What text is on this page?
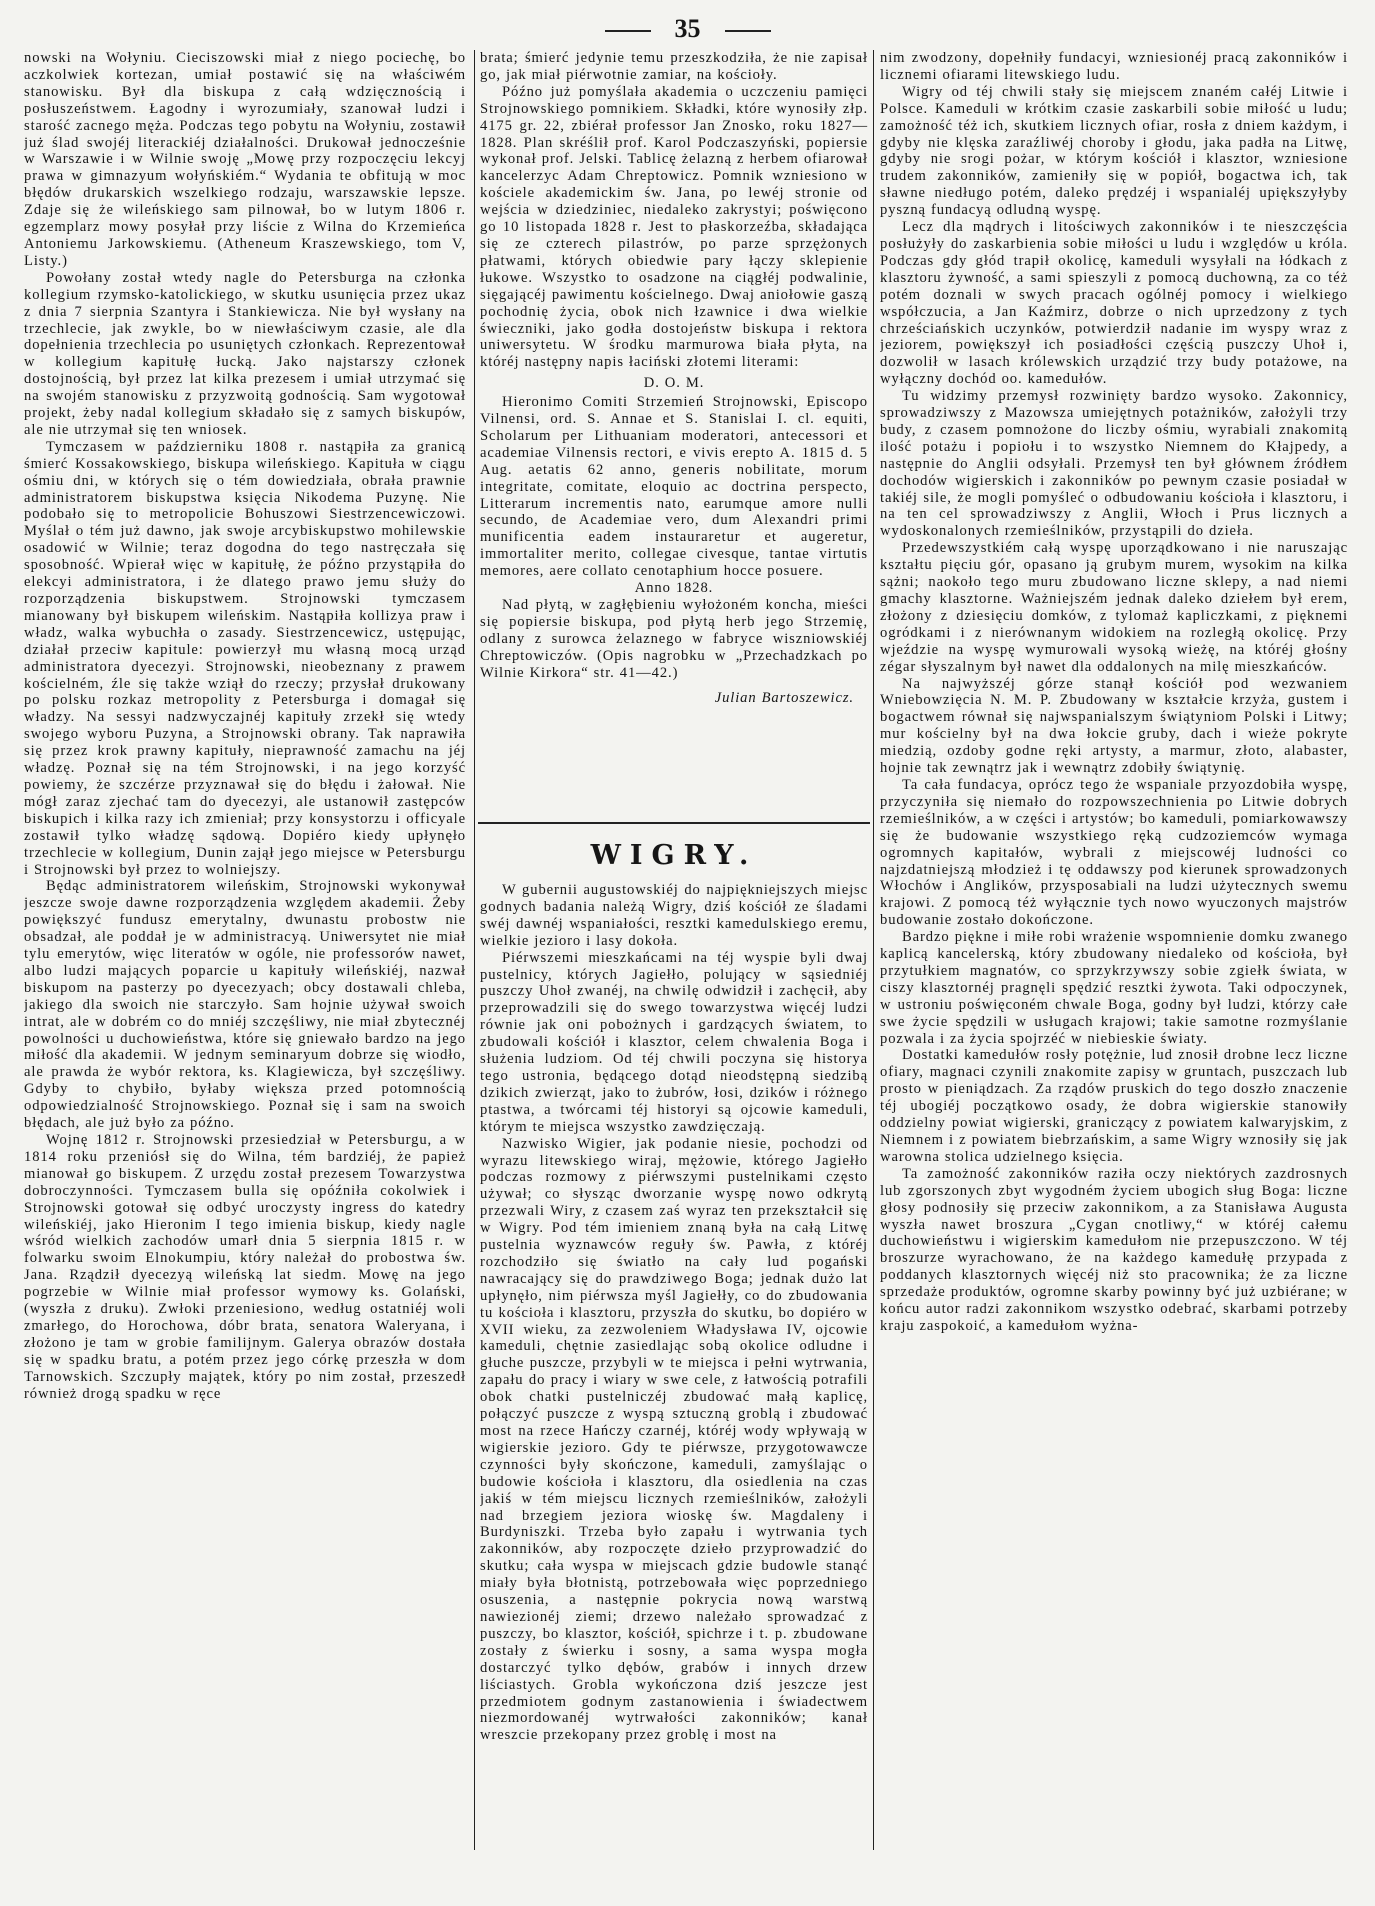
35

nowski na Wołyniu. Cieciszowski miał z niego pociechę, bo aczkolwiek kortezan, umiał postawić się na właściwém stanowisku. Był dla biskupa z całą wdzięcznością i posłuszeństwem. Łagodny i wyrozumiały, szanował ludzi i starość zacnego męża. Podczas tego pobytu na Wołyniu, zostawił już ślad swojéj literackiéj działalności. Drukował jednocześnie w Warszawie i w Wilnie swoję „Mowę przy rozpoczęciu lekcyj prawa w gimnazyum wołyńskiém.“ Wydania te obfitują w moc błędów drukarskich wszelkiego rodzaju, warszawskie lepsze. Zdaje się że wileńskiego sam pilnował, bo w lutym 1806 r. egzemplarz mowy posyłał przy liście z Wilna do Krzemieńca Antoniemu Jarkowskiemu. (Atheneum Kraszewskiego, tom V, Listy.)

Powołany został wtedy nagle do Petersburga na członka kollegium rzymsko-katolickiego, w skutku usunięcia przez ukaz z dnia 7 sierpnia Szantyra i Stankiewicza. Nie był wysłany na trzechlecie, jak zwykle, bo w niewłaściwym czasie, ale dla dopełnienia trzechlecia po usuniętych członkach. Reprezentował w kollegium kapitułę łucką. Jako najstarszy członek dostojnością, był przez lat kilka prezesem i umiał utrzymać się na swojém stanowisku z przyzwoitą godnością. Sam wygotował projekt, żeby nadal kollegium składało się z samych biskupów, ale nie utrzymał się ten wniosek.

Tymczasem w październiku 1808 r. nastąpiła za granicą śmierć Kossakowskiego, biskupa wileńskiego. Kapituła w ciągu ośmiu dni, w których się o tém dowiedziała, obrała prawnie administratorem biskupstwa księcia Nikodema Puzynę. Nie podobało się to metropolicie Bohuszowi Siestrzencewiczowi. Myślał o tém już dawno, jak swoje arcybiskupstwo mohilewskie osadowić w Wilnie; teraz dogodna do tego nastręczała się sposobność. Wpierał więc w kapitułę, że późno przystąpiła do elekcyi administratora, i że dlatego prawo jemu służy do rozporządzenia biskupstwem. Strojnowski tymczasem mianowany był biskupem wileńskim. Nastąpiła kollizya praw i władz, walka wybuchła o zasady. Siestrzencewicz, ustępując, działał przeciw kapitule: powierzył mu własną mocą urząd administratora dyecezyi. Strojnowski, nieobeznany z prawem kościelném, źle się także wziął do rzeczy; przysłał drukowany po polsku rozkaz metropolity z Petersburga i domagał się władzy. Na sessyi nadzwyczajnéj kapituły zrzekł się wtedy swojego wyboru Puzyna, a Strojnowski obrany. Tak naprawiła się przez krok prawny kapituły, nieprawność zamachu na jéj władzę. Poznał się na tém Strojnowski, i na jego korzyść powiemy, że szczérze przyznawał się do błędu i żałował. Nie mógł zaraz zjechać tam do dyecezyi, ale ustanowił zastępców biskupich i kilka razy ich zmieniał; przy konsystorzu i officyale zostawił tylko władzę sądową. Dopiéro kiedy upłynęło trzechlecie w kollegium, Dunin zajął jego miejsce w Petersburgu i Strojnowski był przez to wolniejszy.

Będąc administratorem wileńskim, Strojnowski wykonywał jeszcze swoje dawne rozporządzenia względem akademii. Żeby powiększyć fundusz emerytalny, dwunastu probostw nie obsadzał, ale poddał je w administracyą. Uniwersytet nie miał tylu emerytów, więc literatów w ogóle, nie professorów nawet, albo ludzi mających poparcie u kapituły wileńskiéj, nazwał biskupom na pasterzy po dyecezyach; obcy dostawali chleba, jakiego dla swoich nie starczyło. Sam hojnie używał swoich intrat, ale w dobrém co do mniéj szczęśliwy, nie miał zbytecznéj powolności u duchowieństwa, które się gniewało bardzo na jego miłość dla akademii. W jednym seminaryum dobrze się wiodło, ale prawda że wybór rektora, ks. Klagiewicza, był szczęśliwy. Gdyby to chybiło, byłaby większa przed potomnością odpowiedzialność Strojnowskiego. Poznał się i sam na swoich błędach, ale już było za późno.

Wojnę 1812 r. Strojnowski przesiedział w Petersburgu, a w 1814 roku przeniósł się do Wilna, tém bardziéj, że papież mianował go biskupem. Z urzędu został prezesem Towarzystwa dobroczynności. Tymczasem bulla się opóźniła cokolwiek i Strojnowski gotował się odbyć uroczysty ingress do katedry wileńskiéj, jako Hieronim I tego imienia biskup, kiedy nagle wśród wielkich zachodów umarł dnia 5 sierpnia 1815 r. w folwarku swoim Elnokumpiu, który należał do probostwa św. Jana. Rządził dyecezyą wileńską lat siedm. Mowę na jego pogrzebie w Wilnie miał professor wymowy ks. Golański, (wyszła z druku). Zwłoki przeniesiono, według ostatniéj woli zmarłego, do Horochowa, dóbr brata, senatora Waleryana, i złożono je tam w grobie familijnym. Galerya obrazów dostała się w spadku bratu, a potém przez jego córkę przeszła w dom Tarnowskich. Szczupły majątek, który po nim został, przeszedł również drogą spadku w ręce

brata; śmierć jedynie temu przeszkodziła, że nie zapisał go, jak miał piérwotnie zamiar, na kościoły.

Późno już pomyślała akademia o uczczeniu pamięci Strojnowskiego pomnikiem. Składki, które wynosiły złp. 4175 gr. 22, zbiérał professor Jan Znosko, roku 1827—1828. Plan skréślił prof. Karol Podczaszyński, popiersie wykonał prof. Jelski. Tablicę żelazną z herbem ofiarował kancelerzyc Adam Chreptowicz. Pomnik wzniesiono w kościele akademickim św. Jana, po lewéj stronie od wejścia w dziedziniec, niedaleko zakrystyi; poświęcono go 10 listopada 1828 r. Jest to płaskorzeźba, składająca się ze czterech pilastrów, po parze sprzężonych płatwami, których obiedwie pary łączy sklepienie łukowe. Wszystko to osadzone na ciągłéj podwalinie, sięgającéj pawimentu kościelnego. Dwaj aniołowie gaszą pochodnię życia, obok nich łzawnice i dwa wielkie świeczniki, jako godła dostojeństw biskupa i rektora uniwersytetu. W środku marmurowa biała płyta, na któréj następny napis łaciński złotemi literami:

D. O. M.

Hieronimo Comiti Strzemień Strojnowski, Episcopo Vilnensi, ord. S. Annae et S. Stanislai I. cl. equiti, Scholarum per Lithuaniam moderatori, antecessori et academiae Vilnensis rectori, e vivis erepto A. 1815 d. 5 Aug. aetatis 62 anno, generis nobilitate, morum integritate, comitate, eloquio ac doctrina perspecto, Litterarum incrementis nato, earumque amore nulli secundo, de Academiae vero, dum Alexandri primi munificentia eadem instauraretur et augeretur, immortaliter merito, collegae civesque, tantae virtutis memores, aere collato cenotaphium hocce posuere.

Anno 1828.

Nad płytą, w zagłębieniu wyłożoném koncha, mieści się popiersie biskupa, pod płytą herb jego Strzemię, odlany z surowca żelaznego w fabryce wiszniowskiéj Chreptowiczów. (Opis nagrobku w „Przechadzkach po Wilnie Kirkora“ str. 41—42.)

Julian Bartoszewicz.

WIGRY.

W gubernii augustowskiéj do najpiękniejszych miejsc godnych badania należą Wigry, dziś kościół ze śladami swéj dawnéj wspaniałości, resztki kamedulskiego eremu, wielkie jezioro i lasy dokoła.

Piérwszemi mieszkańcami na téj wyspie byli dwaj pustelnicy, których Jagiełło, polujący w sąsiedniéj puszczy Uhoł zwanéj, na chwilę odwidził i zachęcił, aby przeprowadzili się do swego towarzystwa więcéj ludzi równie jak oni pobożnych i gardzących światem, to zbudowali kościół i klasztor, celem chwalenia Boga i służenia ludziom. Od téj chwili poczyna się historya tego ustronia, będącego dotąd nieodstępną siedzibą dzikich zwierząt, jako to żubrów, łosi, dzików i różnego ptastwa, a twórcami téj historyi są ojcowie kameduli, którym te miejsca wszystko zawdzięczają.

Nazwisko Wigier, jak podanie niesie, pochodzi od wyrazu litewskiego wiraj, mężowie, którego Jagiełło podczas rozmowy z piérwszymi pustelnikami często używał; co słysząc dworzanie wyspę nowo odkrytą przezwali Wiry, z czasem zaś wyraz ten przekształcił się w Wigry. Pod tém imieniem znaną była na całą Litwę pustelnia wyznawców reguły św. Pawła, z któréj rozchodziło się światło na cały lud pogański nawracający się do prawdziwego Boga; jednak dużo lat upłynęło, nim piérwsza myśl Jagiełły, co do zbudowania tu kościoła i klasztoru, przyszła do skutku, bo dopiéro w XVII wieku, za zezwoleniem Władysława IV, ojcowie kameduli, chętnie zasiedlając sobą okolice odludne i głuche puszcze, przybyli w te miejsca i pełni wytrwania, zapału do pracy i wiary w swe cele, z łatwością potrafili obok chatki pustelniczéj zbudować małą kaplicę, połączyć puszcze z wyspą sztuczną groblą i zbudować most na rzece Hańczy czarnéj, któréj wody wpływają w wigierskie jezioro. Gdy te piérwsze, przygotowawcze czynności były skończone, kameduli, zamyślając o budowie kościoła i klasztoru, dla osiedlenia na czas jakiś w tém miejscu licznych rzemieślników, założyli nad brzegiem jeziora wioskę św. Magdaleny i Burdyniszki. Trzeba było zapału i wytrwania tych zakonników, aby rozpoczęte dzieło przyprowadzić do skutku; cała wyspa w miejscach gdzie budowle stanąć miały była błotnistą, potrzebowała więc poprzedniego osuszenia, a następnie pokrycia nową warstwą nawiezionéj ziemi; drzewo należało sprowadzać z puszczy, bo klasztor, kościół, spichrze i t. p. zbudowane zostały z świerku i sosny, a sama wyspa mogła dostarczyć tylko dębów, grabów i innych drzew liściastych. Grobla wykończona dziś jeszcze jest przedmiotem godnym zastanowienia i świadectwem niezmordowanéj wytrwałości zakonników; kanał wreszcie przekopany przez groblę i most na

nim zwodzony, dopełniły fundacyi, wzniesionéj pracą zakonników i licznemi ofiarami litewskiego ludu.

Wigry od téj chwili stały się miejscem znaném całéj Litwie i Polsce. Kameduli w krótkim czasie zaskarbili sobie miłość u ludu; zamożność téż ich, skutkiem licznych ofiar, rosła z dniem każdym, i gdyby nie klęska zaraźliwéj choroby i głodu, jaka padła na Litwę, gdyby nie srogi pożar, w którym kościół i klasztor, wzniesione trudem zakonników, zamieniły się w popiół, bogactwa ich, tak sławne niedługo potém, daleko prędzéj i wspanialéj upiększyłyby pyszną fundacyą odludną wyspę.

Lecz dla mądrych i litościwych zakonników i te nieszczęścia posłużyły do zaskarbienia sobie miłości u ludu i względów u króla. Podczas gdy głód trapił okolicę, kameduli wysyłali na łódkach z klasztoru żywność, a sami spieszyli z pomocą duchowną, za co téż potém doznali w swych pracach ogólnéj pomocy i wielkiego współczucia, a Jan Kaźmirz, dobrze o nich uprzedzony z tych chrześciańskich uczynków, potwierdził nadanie im wyspy wraz z jeziorem, powiększył ich posiadłości częścią puszczy Uhoł i, dozwolił w lasach królewskich urządzić trzy budy potażowe, na wyłączny dochód oo. kamedułów.

Tu widzimy przemysł rozwinięty bardzo wysoko. Zakonnicy, sprowadziwszy z Mazowsza umiejętnych potażników, założyli trzy budy, z czasem pomnożone do liczby ośmiu, wyrabiali znakomitą ilość potażu i popiołu i to wszystko Niemnem do Kłajpedy, a następnie do Anglii odsyłali. Przemysł ten był głównem źródłem dochodów wigierskich i zakonników po pewnym czasie posiadał w takiéj sile, że mogli pomyśleć o odbudowaniu kościoła i klasztoru, i na ten cel sprowadziwszy z Anglii, Włoch i Prus licznych a wydoskonalonych rzemieślników, przystąpili do dzieła.

Przedewszystkiém całą wyspę uporządkowano i nie naruszając kształtu pięciu gór, opasano ją grubym murem, wysokim na kilka sążni; naokoło tego muru zbudowano liczne sklepy, a nad niemi gmachy klasztorne. Ważniejszém jednak daleko dziełem był erem, złożony z dziesięciu domków, z tylomaż kapliczkami, z pięknemi ogródkami i z nierównanym widokiem na rozległą okolicę. Przy wjeździe na wyspę wymurowali wysoką wieżę, na któréj głośny zégar słyszalnym był nawet dla oddalonych na milę mieszkańców.

Na najwyższéj górze stanął kościół pod wezwaniem Wniebowzięcia N. M. P. Zbudowany w kształcie krzyża, gustem i bogactwem równał się najwspanialszym świątyniom Polski i Litwy; mur kościelny był na dwa łokcie gruby, dach i wieże pokryte miedzią, ozdoby godne ręki artysty, a marmur, złoto, alabaster, hojnie tak zewnątrz jak i wewnątrz zdobiły świątynię.

Ta cała fundacya, oprócz tego że wspaniale przyozdobiła wyspę, przyczyniła się niemało do rozpowszechnienia po Litwie dobrych rzemieślników, a w części i artystów; bo kameduli, pomiarkowawszy się że budowanie wszystkiego ręką cudzoziemców wymaga ogromnych kapitałów, wybrali z miejscowéj ludności co najzdatniejszą młodzież i tę oddawszy pod kierunek sprowadzonych Włochów i Anglików, przysposabiali na ludzi użytecznych swemu krajowi. Z pomocą téż wyłącznie tych nowo wyuczonych majstrów budowanie zostało dokończone.

Bardzo piękne i miłe robi wrażenie wspomnienie domku zwanego kaplicą kancelerską, który zbudowany niedaleko od kościoła, był przytułkiem magnatów, co sprzykrzywszy sobie zgiełk świata, w ciszy klasztornéj pragnęli spędzić resztki żywota. Taki odpoczynek, w ustroniu poświęconém chwale Boga, godny był ludzi, którzy całe swe życie spędzili w usługach krajowi; takie samotne rozmyślanie pozwala i za życia spojrzéć w niebieskie światy.

Dostatki kamedułów rosły potężnie, lud znosił drobne lecz liczne ofiary, magnaci czynili znakomite zapisy w gruntach, puszczach lub prosto w pieniądzach. Za rządów pruskich do tego doszło znaczenie téj ubogiéj początkowo osady, że dobra wigierskie stanowiły oddzielny powiat wigierski, graniczący z powiatem kalwaryjskim, z Niemnem i z powiatem biebrzańskim, a same Wigry wznosiły się jak warowna stolica udzielnego księcia.

Ta zamożność zakonników raziła oczy niektórych zazdrosnych lub zgorszonych zbyt wygodném życiem ubogich sług Boga: liczne głosy podnosiły się przeciw zakonnikom, a za Stanisława Augusta wyszła nawet broszura „Cygan cnotliwy,“ w któréj całemu duchowieństwu i wigierskim kamedułom nie przepuszczono. W téj broszurze wyrachowano, że na każdego kamedułę przypada z poddanych klasztornych więcéj niż sto pracownika; że za liczne sprzedaże produktów, ogromne skarby powinny być już uzbiérane; w końcu autor radzi zakonnikom wszystko odebrać, skarbami potrzeby kraju zaspokoić, a kamedułom wyżna-
